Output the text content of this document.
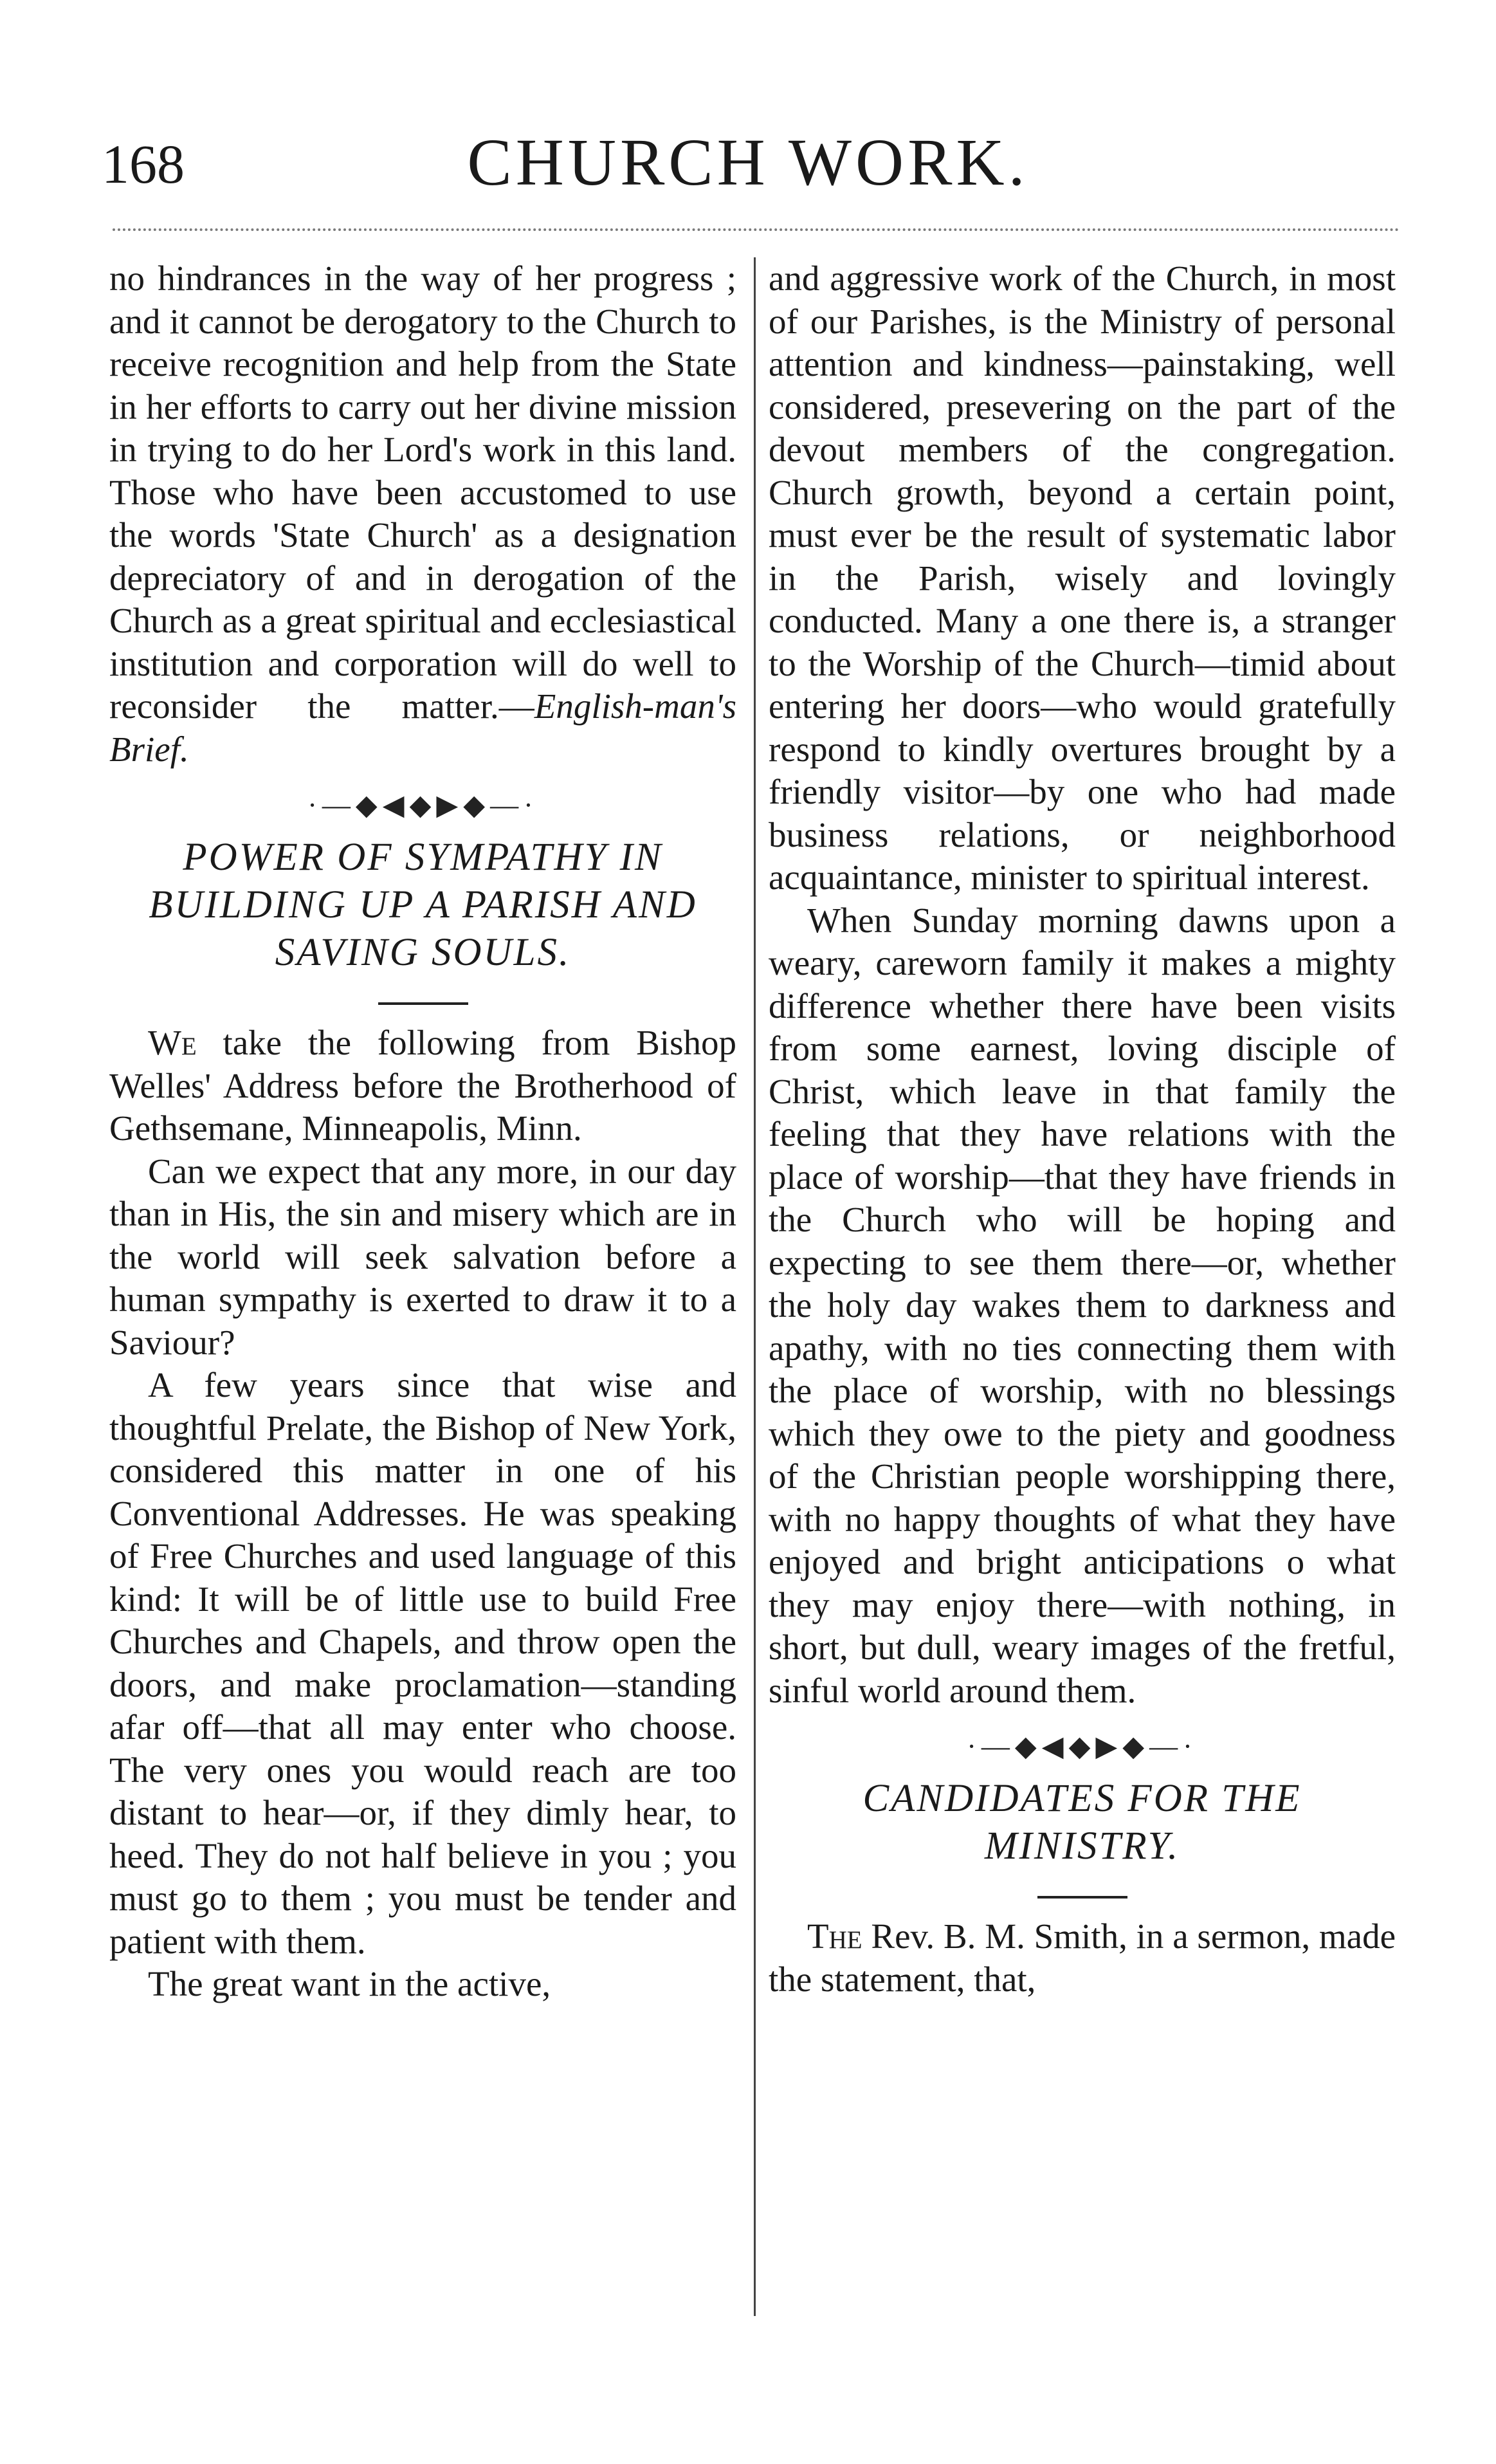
168	CHURCH WORK.

no hindrances in the way of her progress ; and it cannot be derogatory to the Church to receive recognition and help from the State in her efforts to carry out her divine mission in trying to do her Lord's work in this land. Those who have been accustomed to use the words 'State Church' as a designation depreciatory of and in derogation of the Church as a great spiritual and ecclesiastical institution and corporation will do well to reconsider the matter.—English-man's Brief.

·—◆◀◆▶◆—·
POWER OF SYMPATHY IN BUILDING UP A PARISH AND SAVING SOULS.

We take the following from Bishop Welles' Address before the Brotherhood of Gethsemane, Minneapolis, Minn.

Can we expect that any more, in our day than in His, the sin and misery which are in the world will seek salvation before a human sympathy is exerted to draw it to a Saviour?

A few years since that wise and thoughtful Prelate, the Bishop of New York, considered this matter in one of his Conventional Addresses. He was speaking of Free Churches and used language of this kind: It will be of little use to build Free Churches and Chapels, and throw open the doors, and make proclamation—standing afar off—that all may enter who choose. The very ones you would reach are too distant to hear—or, if they dimly hear, to heed. They do not half believe in you ; you must go to them ; you must be tender and patient with them.

The great want in the active,

and aggressive work of the Church, in most of our Parishes, is the Ministry of personal attention and kindness—painstaking, well considered, presevering on the part of the devout members of the congregation. Church growth, beyond a certain point, must ever be the result of systematic labor in the Parish, wisely and lovingly conducted. Many a one there is, a stranger to the Worship of the Church—timid about entering her doors—who would gratefully respond to kindly overtures brought by a friendly visitor—by one who had made business relations, or neighborhood acquaintance, minister to spiritual interest.

When Sunday morning dawns upon a weary, careworn family it makes a mighty difference whether there have been visits from some earnest, loving disciple of Christ, which leave in that family the feeling that they have relations with the place of worship—that they have friends in the Church who will be hoping and expecting to see them there—or, whether the holy day wakes them to darkness and apathy, with no ties connecting them with the place of worship, with no blessings which they owe to the piety and goodness of the Christian people worshipping there, with no happy thoughts of what they have enjoyed and bright anticipations o what they may enjoy there—with nothing, in short, but dull, weary images of the fretful, sinful world around them.

·—◆◀◆▶◆—·
CANDIDATES FOR THE MINISTRY.

The Rev. B. M. Smith, in a sermon, made the statement, that,
